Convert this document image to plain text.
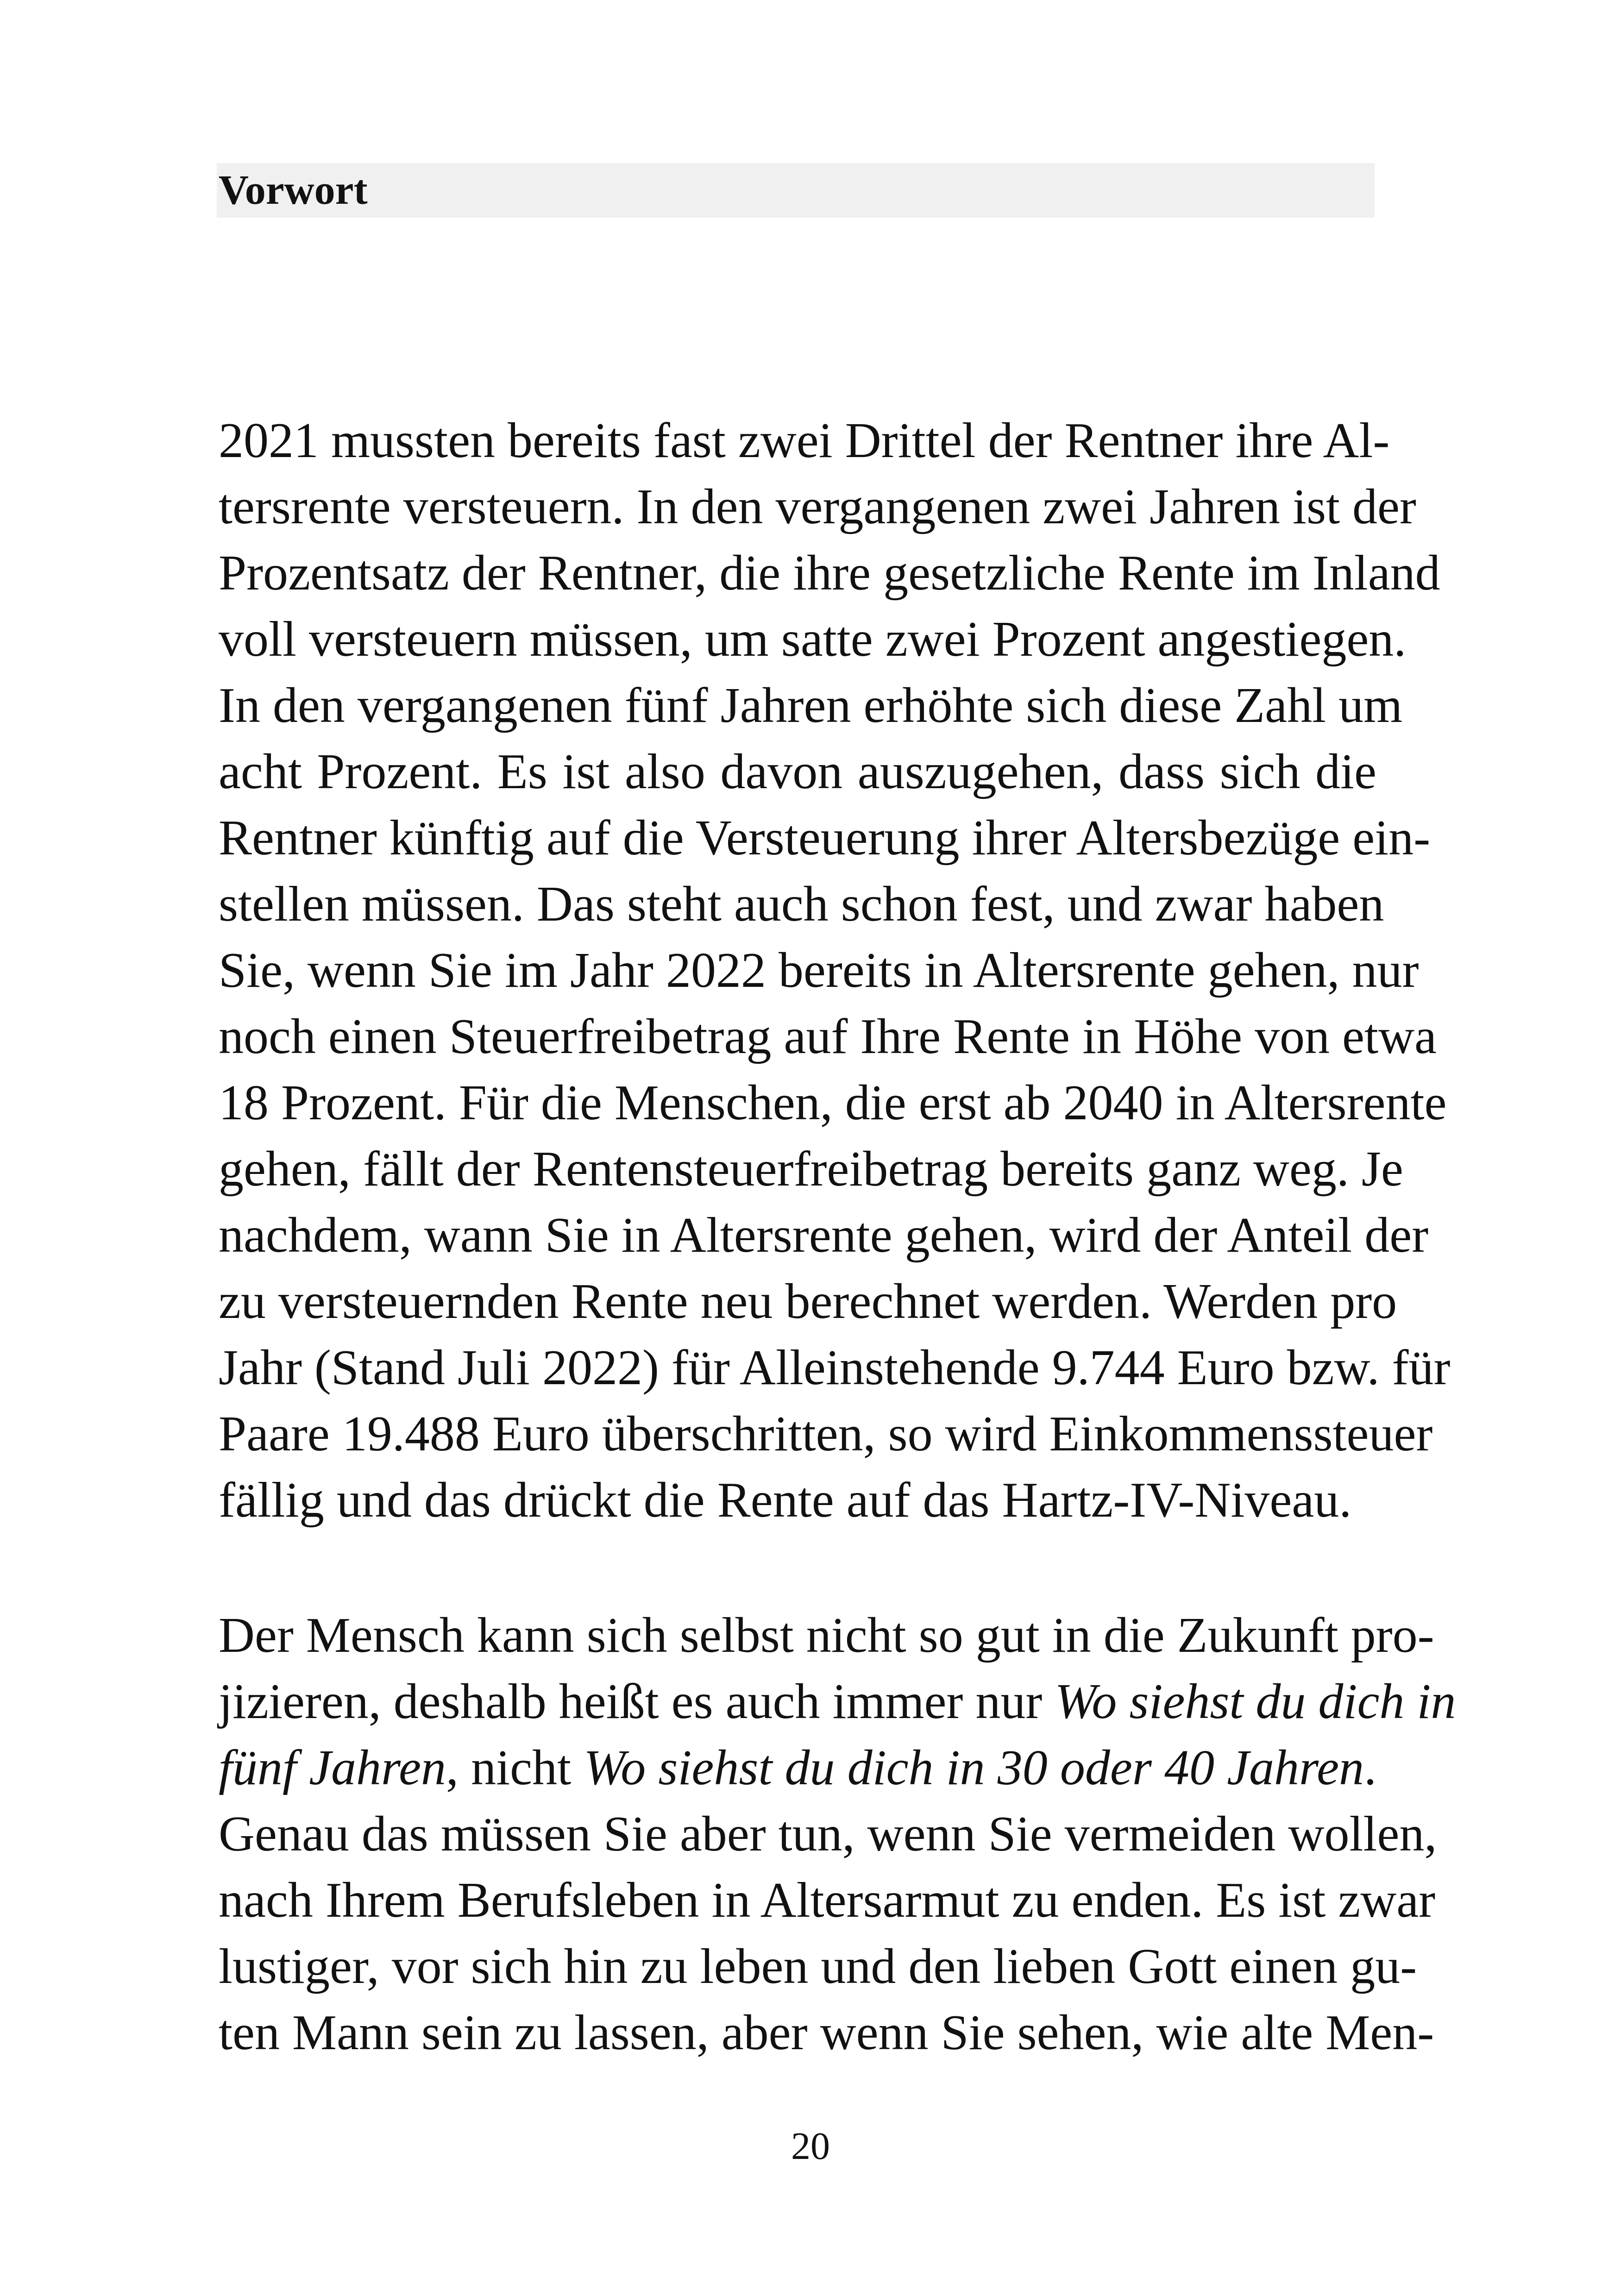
Vorwort
2021 mussten bereits fast zwei Drittel der Rentner ihre Al-
tersrente versteuern. In den vergangenen zwei Jahren ist der
Prozentsatz der Rentner, die ihre gesetzliche Rente im Inland
voll versteuern müssen, um satte zwei Prozent angestiegen.
In den vergangenen fünf Jahren erhöhte sich diese Zahl um
acht Prozent. Es ist also davon auszugehen, dass sich die
Rentner künftig auf die Versteuerung ihrer Altersbezüge ein-
stellen müssen. Das steht auch schon fest, und zwar haben
Sie, wenn Sie im Jahr 2022 bereits in Altersrente gehen, nur
noch einen Steuerfreibetrag auf Ihre Rente in Höhe von etwa
18 Prozent. Für die Menschen, die erst ab 2040 in Altersrente
gehen, fällt der Rentensteuerfreibetrag bereits ganz weg. Je
nachdem, wann Sie in Altersrente gehen, wird der Anteil der
zu versteuernden Rente neu berechnet werden. Werden pro
Jahr (Stand Juli 2022) für Alleinstehende 9.744 Euro bzw. für
Paare 19.488 Euro überschritten, so wird Einkommenssteuer
fällig und das drückt die Rente auf das Hartz-IV-Niveau.
Der Mensch kann sich selbst nicht so gut in die Zukunft pro-
jizieren, deshalb heißt es auch immer nur Wo siehst du dich in
fünf Jahren, nicht Wo siehst du dich in 30 oder 40 Jahren.
Genau das müssen Sie aber tun, wenn Sie vermeiden wollen,
nach Ihrem Berufsleben in Altersarmut zu enden. Es ist zwar
lustiger, vor sich hin zu leben und den lieben Gott einen gu-
ten Mann sein zu lassen, aber wenn Sie sehen, wie alte Men-
20
